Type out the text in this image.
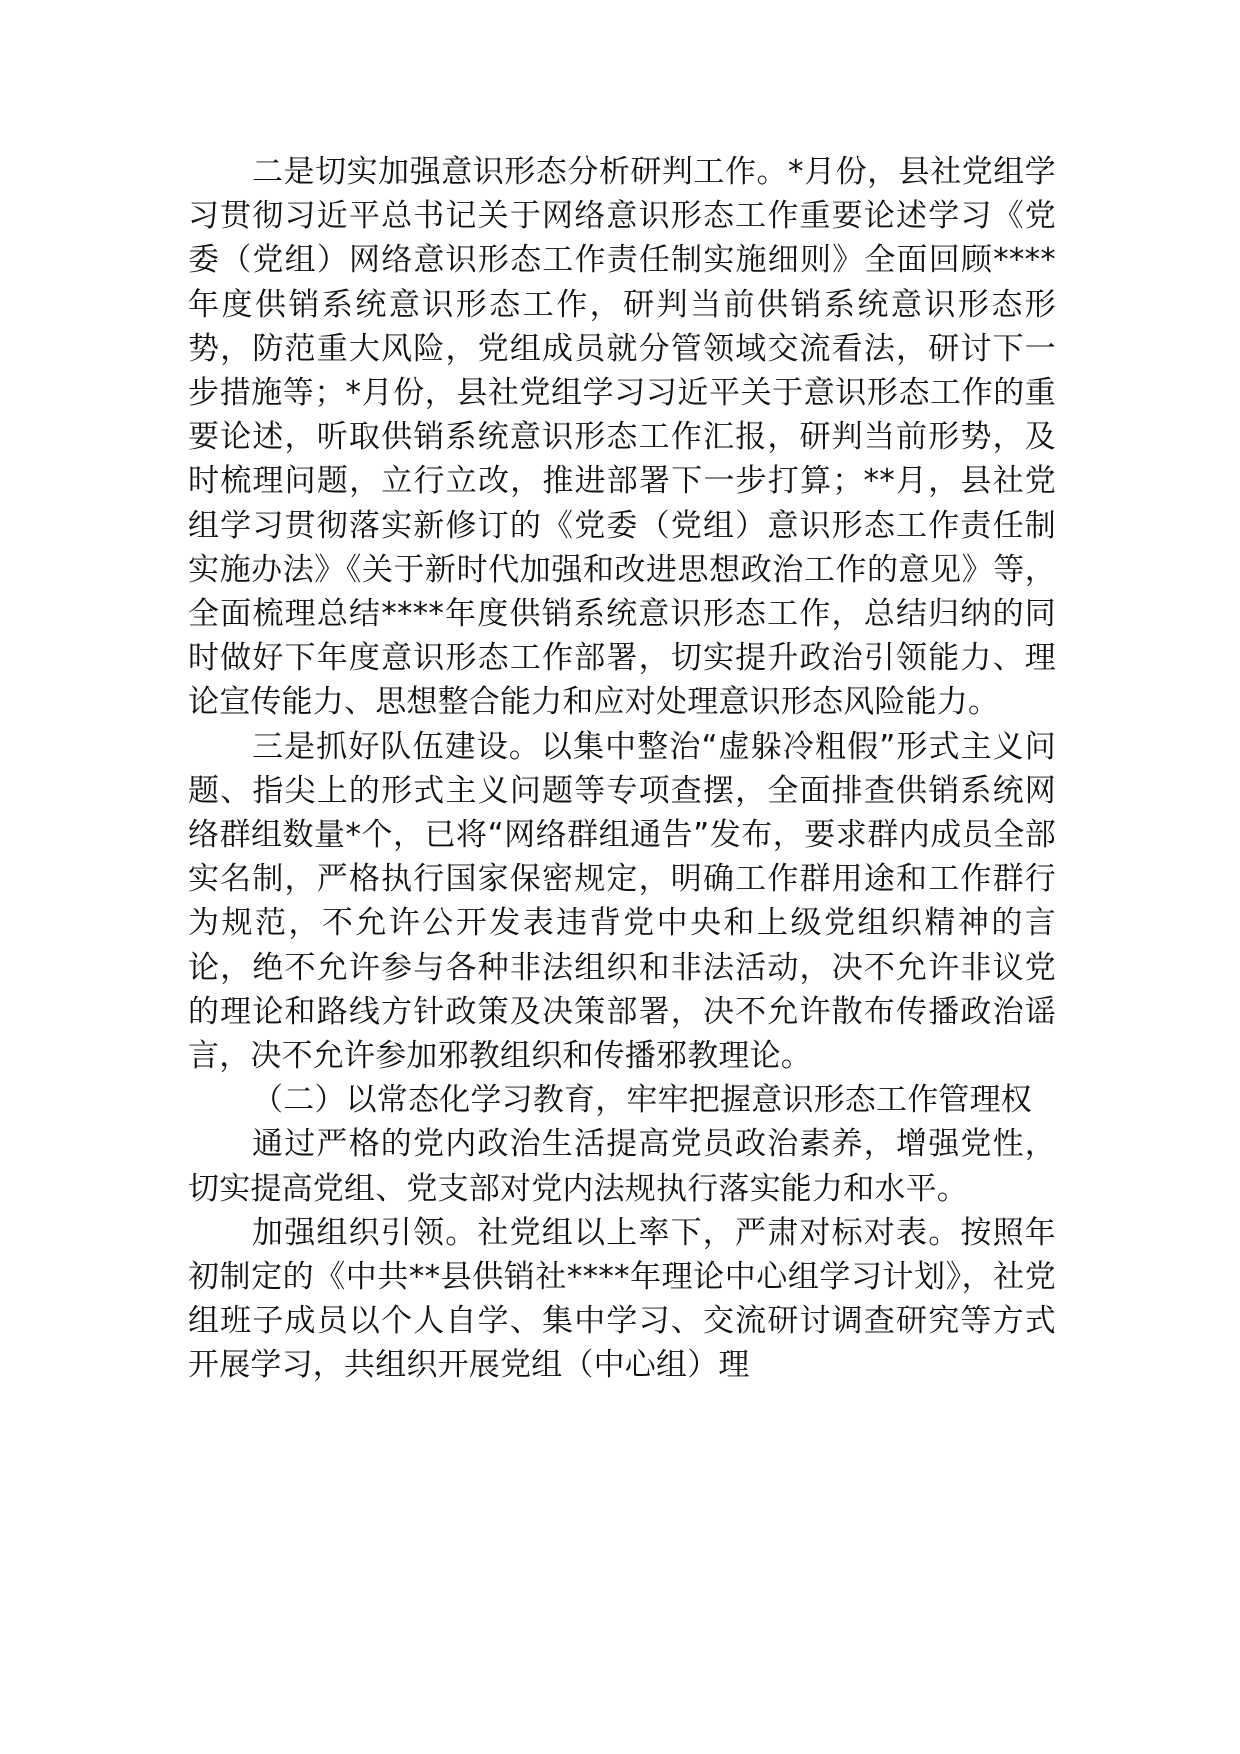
二是切实加强意识形态分析研判工作。*月份，县社党组学习贯彻习近平总书记关于网络意识形态工作重要论述学习《党委（党组）网络意识形态工作责任制实施细则》全面回顾****年度供销系统意识形态工作，研判当前供销系统意识形态形势，防范重大风险，党组成员就分管领域交流看法，研讨下一步措施等；*月份，县社党组学习习近平关于意识形态工作的重要论述，听取供销系统意识形态工作汇报，研判当前形势，及时梳理问题，立行立改，推进部署下一步打算；**月，县社党组学习贯彻落实新修订的《党委（党组）意识形态工作责任制实施办法》《关于新时代加强和改进思想政治工作的意见》等，全面梳理总结****年度供销系统意识形态工作，总结归纳的同时做好下年度意识形态工作部署，切实提升政治引领能力、理论宣传能力、思想整合能力和应对处理意识形态风险能力。

三是抓好队伍建设。以集中整治“虚躲冷粗假”形式主义问题、指尖上的形式主义问题等专项查摆，全面排查供销系统网络群组数量*个，已将“网络群组通告”发布，要求群内成员全部实名制，严格执行国家保密规定，明确工作群用途和工作群行为规范，不允许公开发表违背党中央和上级党组织精神的言论，绝不允许参与各种非法组织和非法活动，决不允许非议党的理论和路线方针政策及决策部署，决不允许散布传播政治谣言，决不允许参加邪教组织和传播邪教理论。

（二）以常态化学习教育，牢牢把握意识形态工作管理权

通过严格的党内政治生活提高党员政治素养，增强党性，切实提高党组、党支部对党内法规执行落实能力和水平。

加强组织引领。社党组以上率下，严肃对标对表。按照年初制定的《中共**县供销社****年理论中心组学习计划》，社党组班子成员以个人自学、集中学习、交流研讨调查研究等方式开展学习，共组织开展党组（中心组）理
